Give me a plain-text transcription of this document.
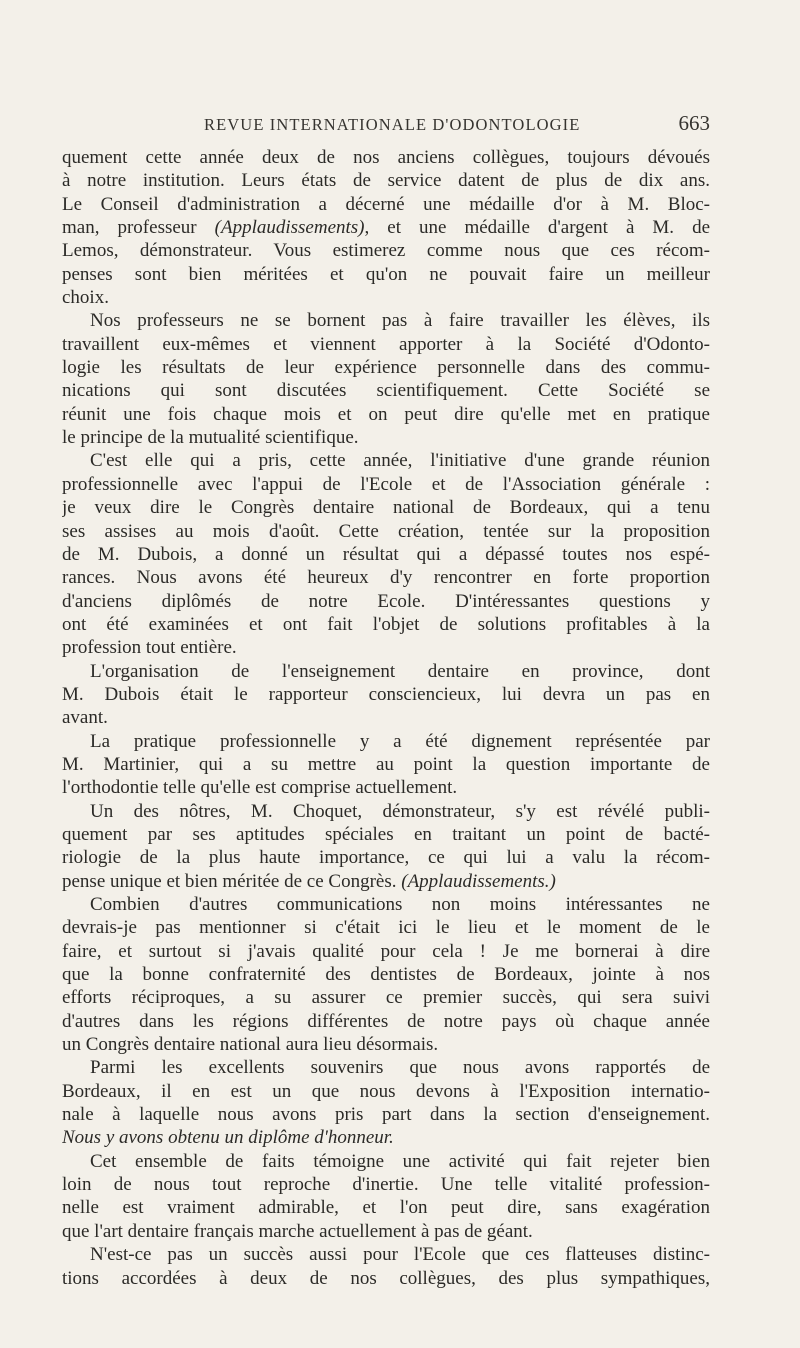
REVUE INTERNATIONALE D'ODONTOLOGIE	663
quement cette année deux de nos anciens collègues, toujours dévoués
à notre institution. Leurs états de service datent de plus de dix ans.
Le Conseil d'administration a décerné une médaille d'or à M. Bloc-
man, professeur (Applaudissements), et une médaille d'argent à M. de
Lemos, démonstrateur. Vous estimerez comme nous que ces récom-
penses sont bien méritées et qu'on ne pouvait faire un meilleur
choix.
Nos professeurs ne se bornent pas à faire travailler les élèves, ils
travaillent eux-mêmes et viennent apporter à la Société d'Odonto-
logie les résultats de leur expérience personnelle dans des commu-
nications qui sont discutées scientifiquement. Cette Société se
réunit une fois chaque mois et on peut dire qu'elle met en pratique
le principe de la mutualité scientifique.
C'est elle qui a pris, cette année, l'initiative d'une grande réunion
professionnelle avec l'appui de l'Ecole et de l'Association générale :
je veux dire le Congrès dentaire national de Bordeaux, qui a tenu
ses assises au mois d'août. Cette création, tentée sur la proposition
de M. Dubois, a donné un résultat qui a dépassé toutes nos espé-
rances. Nous avons été heureux d'y rencontrer en forte proportion
d'anciens diplômés de notre Ecole. D'intéressantes questions y
ont été examinées et ont fait l'objet de solutions profitables à la
profession tout entière.
L'organisation de l'enseignement dentaire en province, dont
M. Dubois était le rapporteur consciencieux, lui devra un pas en
avant.
La pratique professionnelle y a été dignement représentée par
M. Martinier, qui a su mettre au point la question importante de
l'orthodontie telle qu'elle est comprise actuellement.
Un des nôtres, M. Choquet, démonstrateur, s'y est révélé publi-
quement par ses aptitudes spéciales en traitant un point de bacté-
riologie de la plus haute importance, ce qui lui a valu la récom-
pense unique et bien méritée de ce Congrès. (Applaudissements.)
Combien d'autres communications non moins intéressantes ne
devrais-je pas mentionner si c'était ici le lieu et le moment de le
faire, et surtout si j'avais qualité pour cela ! Je me bornerai à dire
que la bonne confraternité des dentistes de Bordeaux, jointe à nos
efforts réciproques, a su assurer ce premier succès, qui sera suivi
d'autres dans les régions différentes de notre pays où chaque année
un Congrès dentaire national aura lieu désormais.
Parmi les excellents souvenirs que nous avons rapportés de
Bordeaux, il en est un que nous devons à l'Exposition internatio-
nale à laquelle nous avons pris part dans la section d'enseignement.
Nous y avons obtenu un diplôme d'honneur.
Cet ensemble de faits témoigne une activité qui fait rejeter bien
loin de nous tout reproche d'inertie. Une telle vitalité profession-
nelle est vraiment admirable, et l'on peut dire, sans exagération
que l'art dentaire français marche actuellement à pas de géant.
N'est-ce pas un succès aussi pour l'Ecole que ces flatteuses distinc-
tions accordées à deux de nos collègues, des plus sympathiques,
